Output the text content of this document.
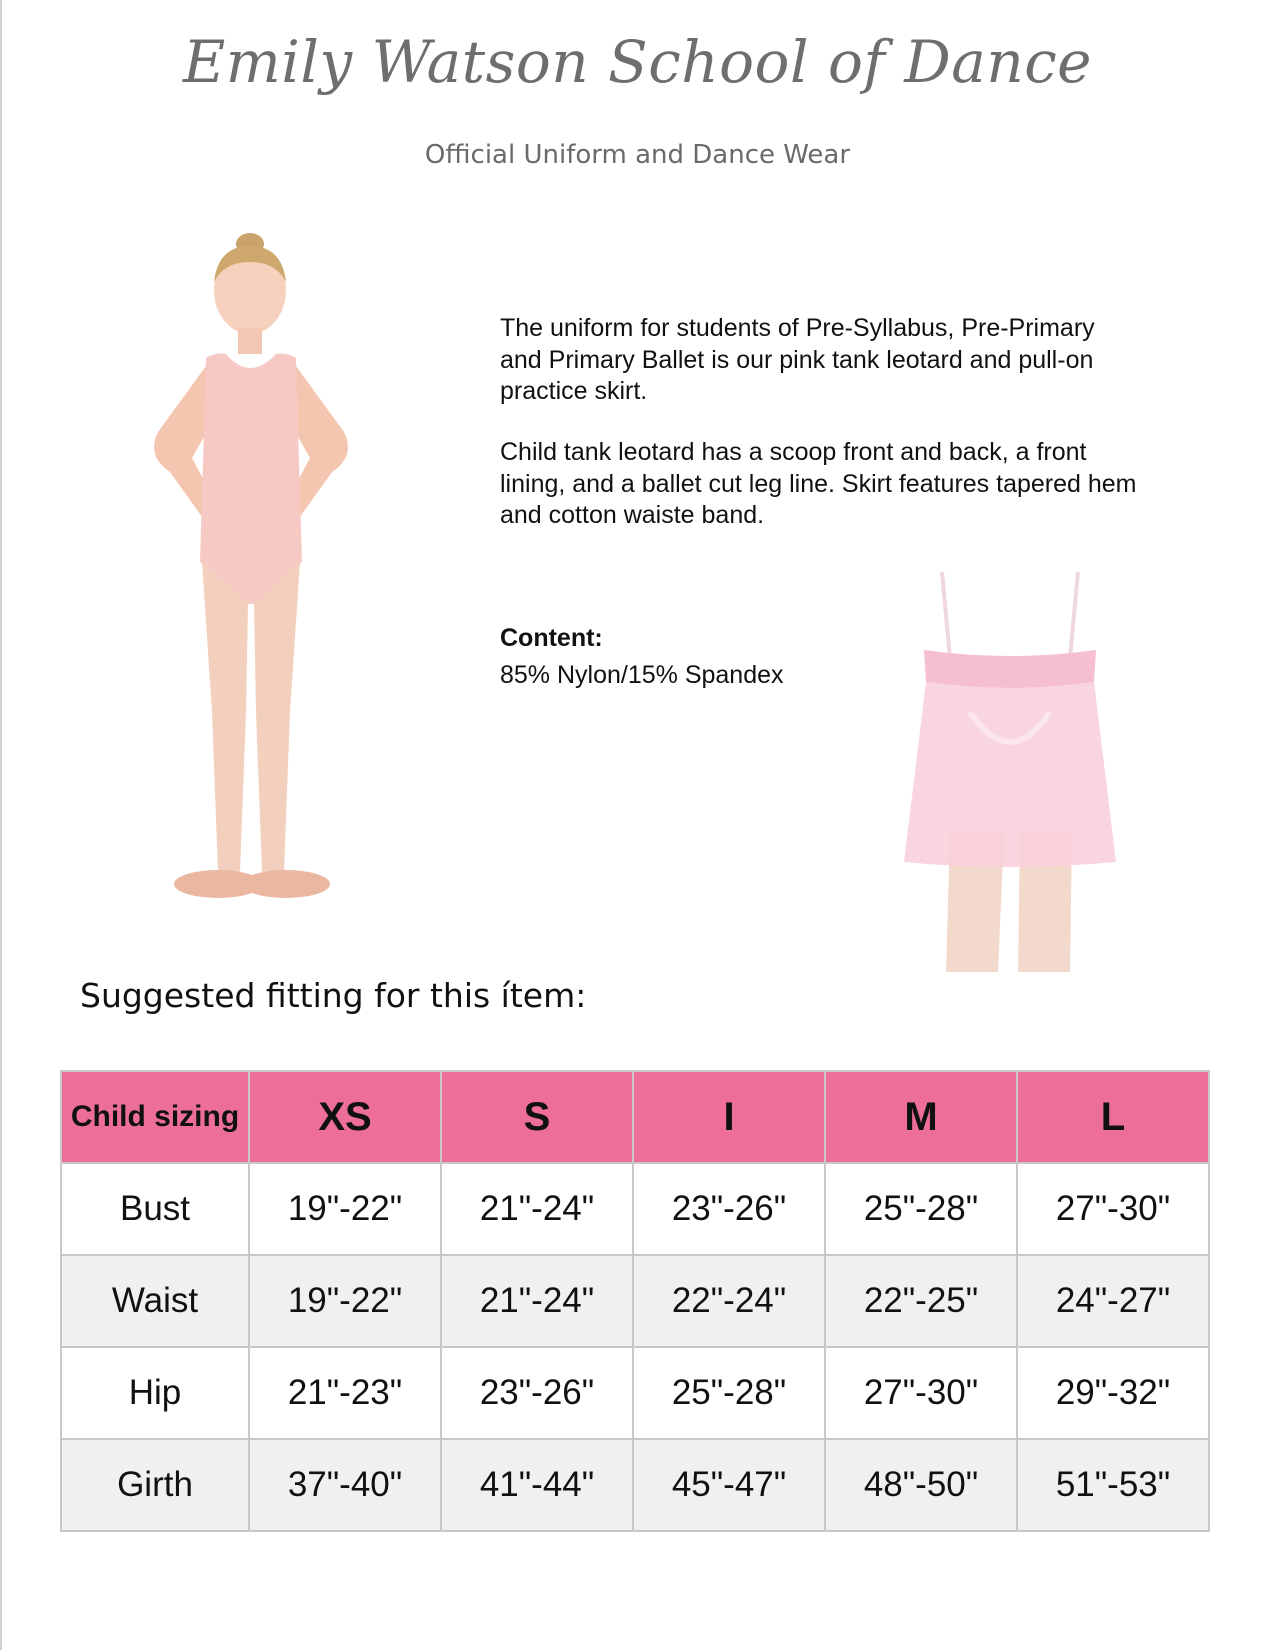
Emily Watson School of Dance
Official Uniform and Dance Wear

The uniform for students of Pre-Syllabus, Pre-Primary and Primary Ballet is our pink tank leotard and pull-on practice skirt.

Child tank leotard has a scoop front and back, a front lining, and a ballet cut leg line. Skirt features tapered hem and cotton waiste band.

Content:
85% Nylon/15% Spandex
Suggested fitting for this ítem:
Child sizing	XS	S	I	M	L
Bust	19"-22"	21"-24"	23"-26"	25"-28"	27"-30"
Waist	19"-22"	21"-24"	22"-24"	22"-25"	24"-27"
Hip	21"-23"	23"-26"	25"-28"	27"-30"	29"-32"
Girth	37"-40"	41"-44"	45"-47"	48"-50"	51"-53"
